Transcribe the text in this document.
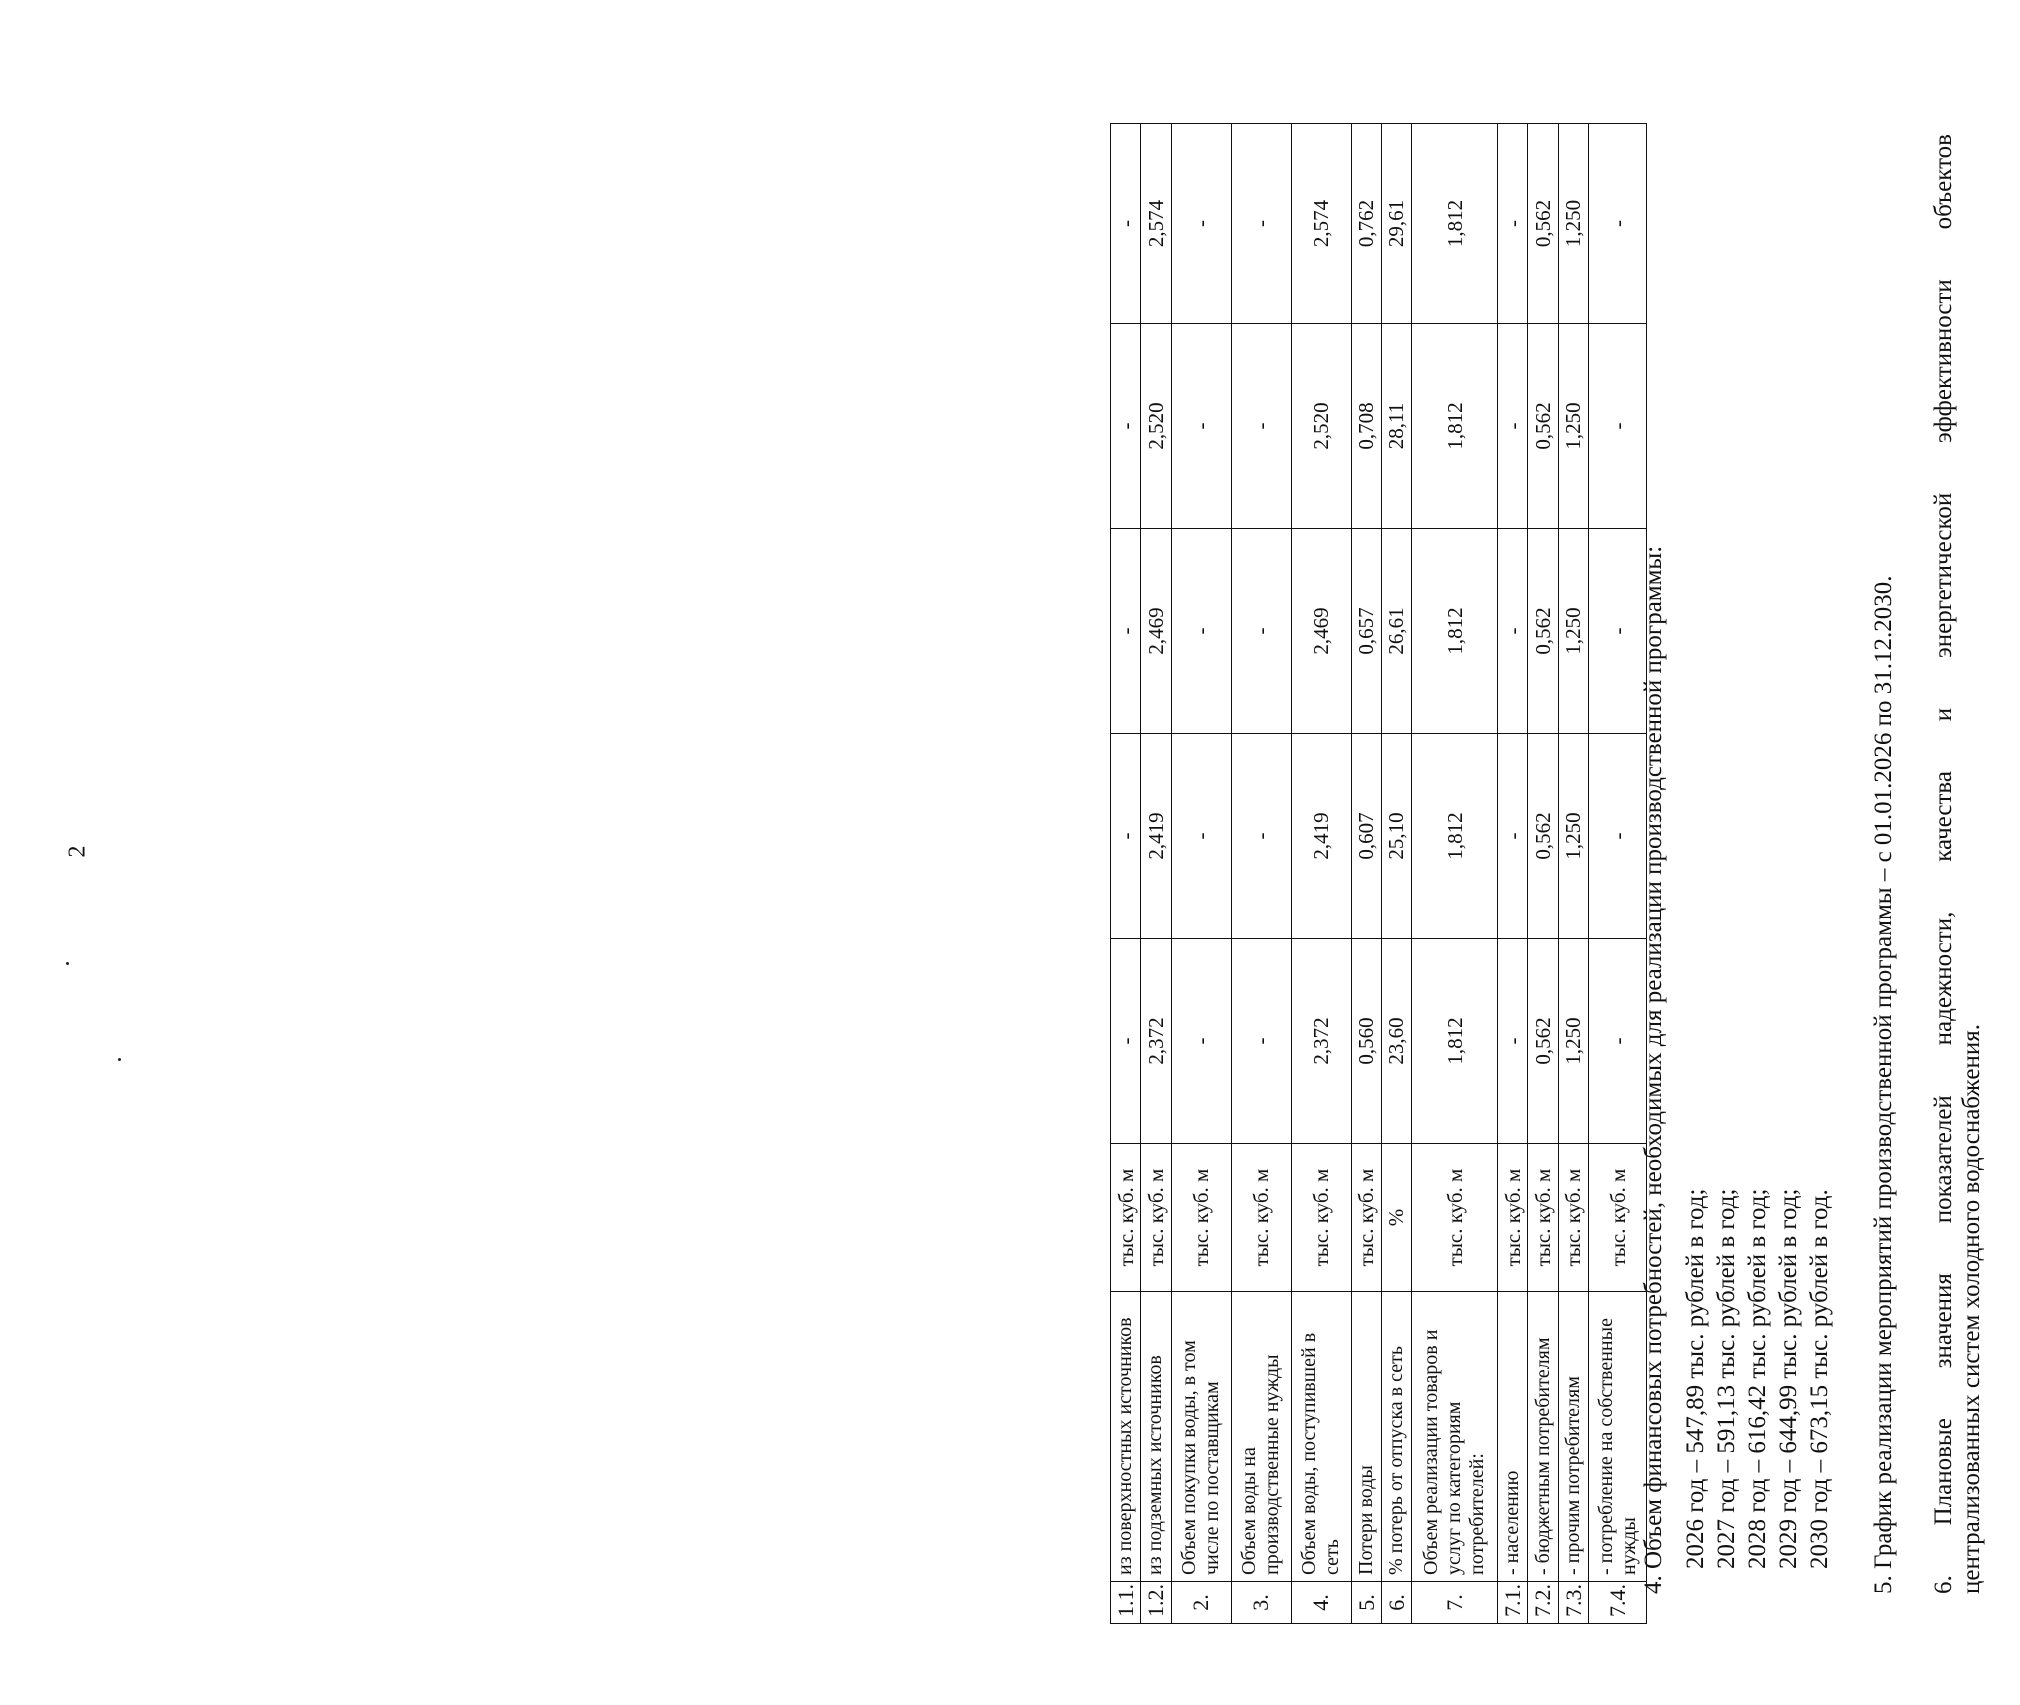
2
1.1.	из поверхностных источников	тыс. куб. м	-	-	-	-	-
1.2.	из подземных источников	тыс. куб. м	2,372	2,419	2,469	2,520	2,574
2.	Объем покупки воды, в том числе по поставщикам	тыс. куб. м	-	-	-	-	-
3.	Объем воды на производственные нужды	тыс. куб. м	-	-	-	-	-
4.	Объем воды, поступившей в сеть	тыс. куб. м	2,372	2,419	2,469	2,520	2,574
5.	Потери воды	тыс. куб. м	0,560	0,607	0,657	0,708	0,762
6.	% потерь от отпуска в сеть	%	23,60	25,10	26,61	28,11	29,61
7.	Объем реализации товаров и услуг по категориям потребителей:	тыс. куб. м	1,812	1,812	1,812	1,812	1,812
7.1.	- населению	тыс. куб. м	-	-	-	-	-
7.2.	- бюджетным потребителям	тыс. куб. м	0,562	0,562	0,562	0,562	0,562
7.3.	- прочим потребителям	тыс. куб. м	1,250	1,250	1,250	1,250	1,250
7.4.	- потребление на собственные нужды	тыс. куб. м	-	-	-	-	-
4. Объем финансовых потребностей, необходимых для реализации производственной программы: 2026 год – 547,89 тыс. рублей в год; 2027 год – 591,13 тыс. рублей в год; 2028 год – 616,42 тыс. рублей в год; 2029 год – 644,99 тыс. рублей в год; 2030 год – 673,15 тыс. рублей в год. 5. График реализации мероприятий производственной программы – с 01.01.2026 по 31.12.2030. 6. Плановые значения показателей надежности, качества и энергетической эффективности объектов централизованных систем холодного водоснабжения.
